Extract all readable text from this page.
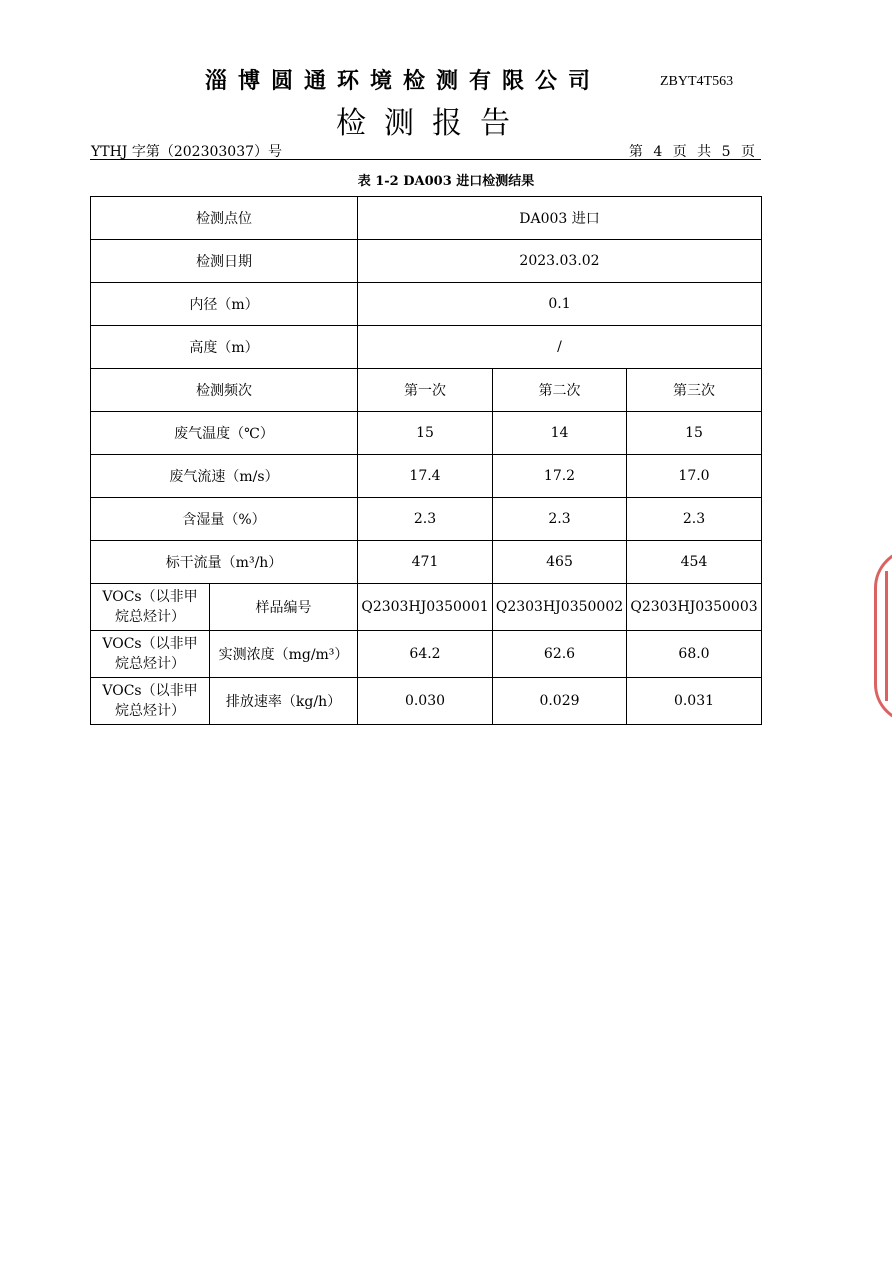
淄博圆通环境检测有限公司	ZBYT4T563
检测报告
YTHJ 字第（202303037）号	第 4 页 共 5 页
表 1-2 DA003 进口检测结果
检测点位		DA003 进口		
检测日期		2023.03.02		
内径（m）		0.1		
高度（m）		/		
检测频次		第一次	第二次	第三次
废气温度（℃）		15	14	15
废气流速（m/s）		17.4	17.2	17.0
含湿量（%）		2.3	2.3	2.3
标干流量（m³/h）		471	465	454
VOCs（以非甲
烷总烃计）	样品编号	Q2303HJ0350001	Q2303HJ0350002	Q2303HJ0350003
VOCs（以非甲
烷总烃计）	实测浓度（mg/m³）	64.2	62.6	68.0
VOCs（以非甲
烷总烃计）	排放速率（kg/h）	0.030	0.029	0.031
